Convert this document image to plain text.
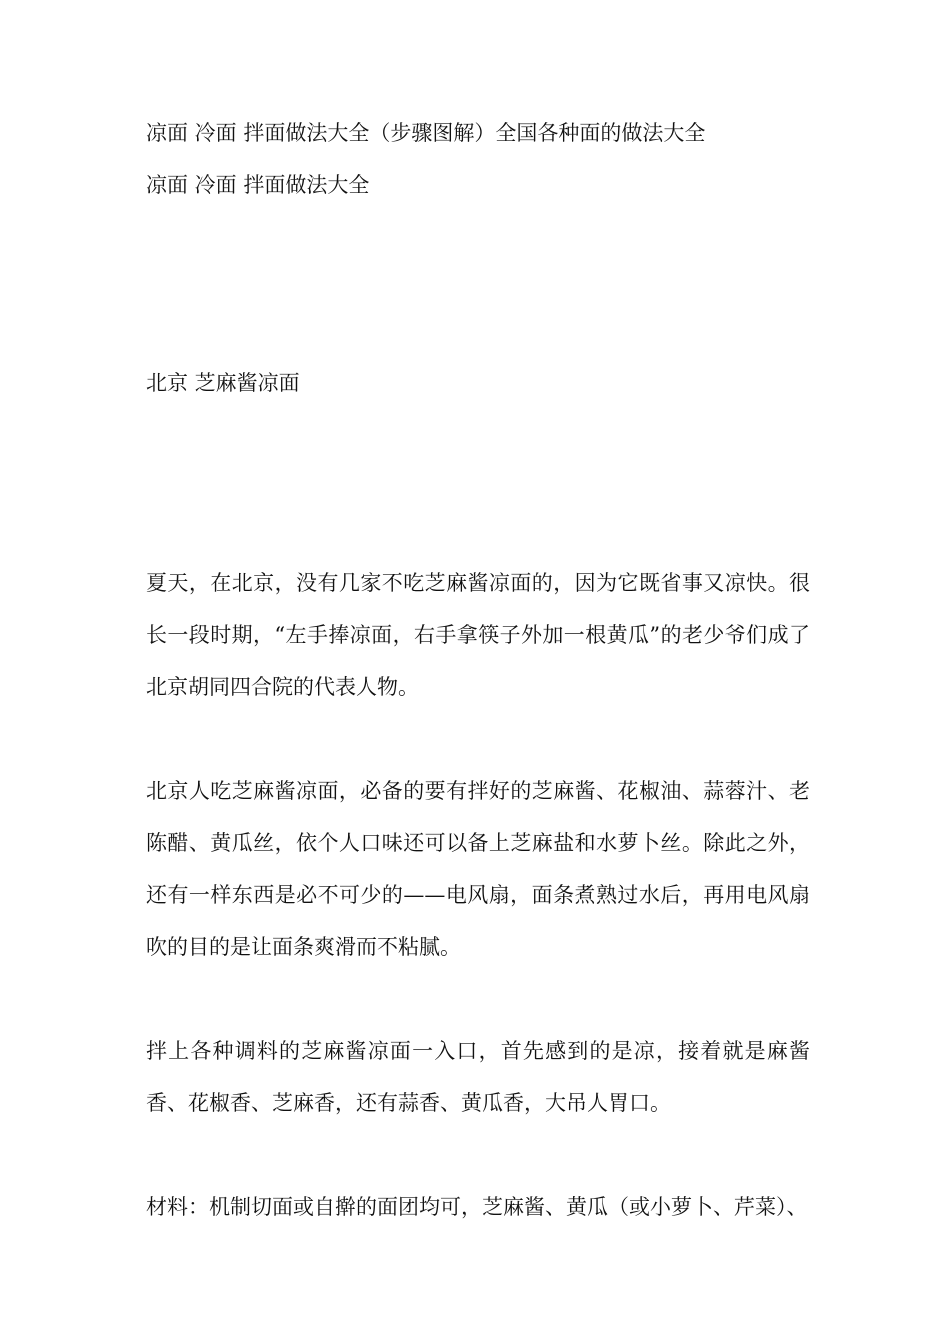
凉面 冷面 拌面做法大全（步骤图解）全国各种面的做法大全

凉面 冷面 拌面做法大全

北京 芝麻酱凉面

夏天，在北京，没有几家不吃芝麻酱凉面的，因为它既省事又凉快。很长一段时期，“左手捧凉面，右手拿筷子外加一根黄瓜”的老少爷们成了北京胡同四合院的代表人物。

北京人吃芝麻酱凉面，必备的要有拌好的芝麻酱、花椒油、蒜蓉汁、老陈醋、黄瓜丝，依个人口味还可以备上芝麻盐和水萝卜丝。除此之外，还有一样东西是必不可少的——电风扇，面条煮熟过水后，再用电风扇吹的目的是让面条爽滑而不粘腻。

拌上各种调料的芝麻酱凉面一入口，首先感到的是凉，接着就是麻酱香、花椒香、芝麻香，还有蒜香、黄瓜香，大吊人胃口。

材料：机制切面或自擀的面团均可，芝麻酱、黄瓜（或小萝卜、芹菜）、
